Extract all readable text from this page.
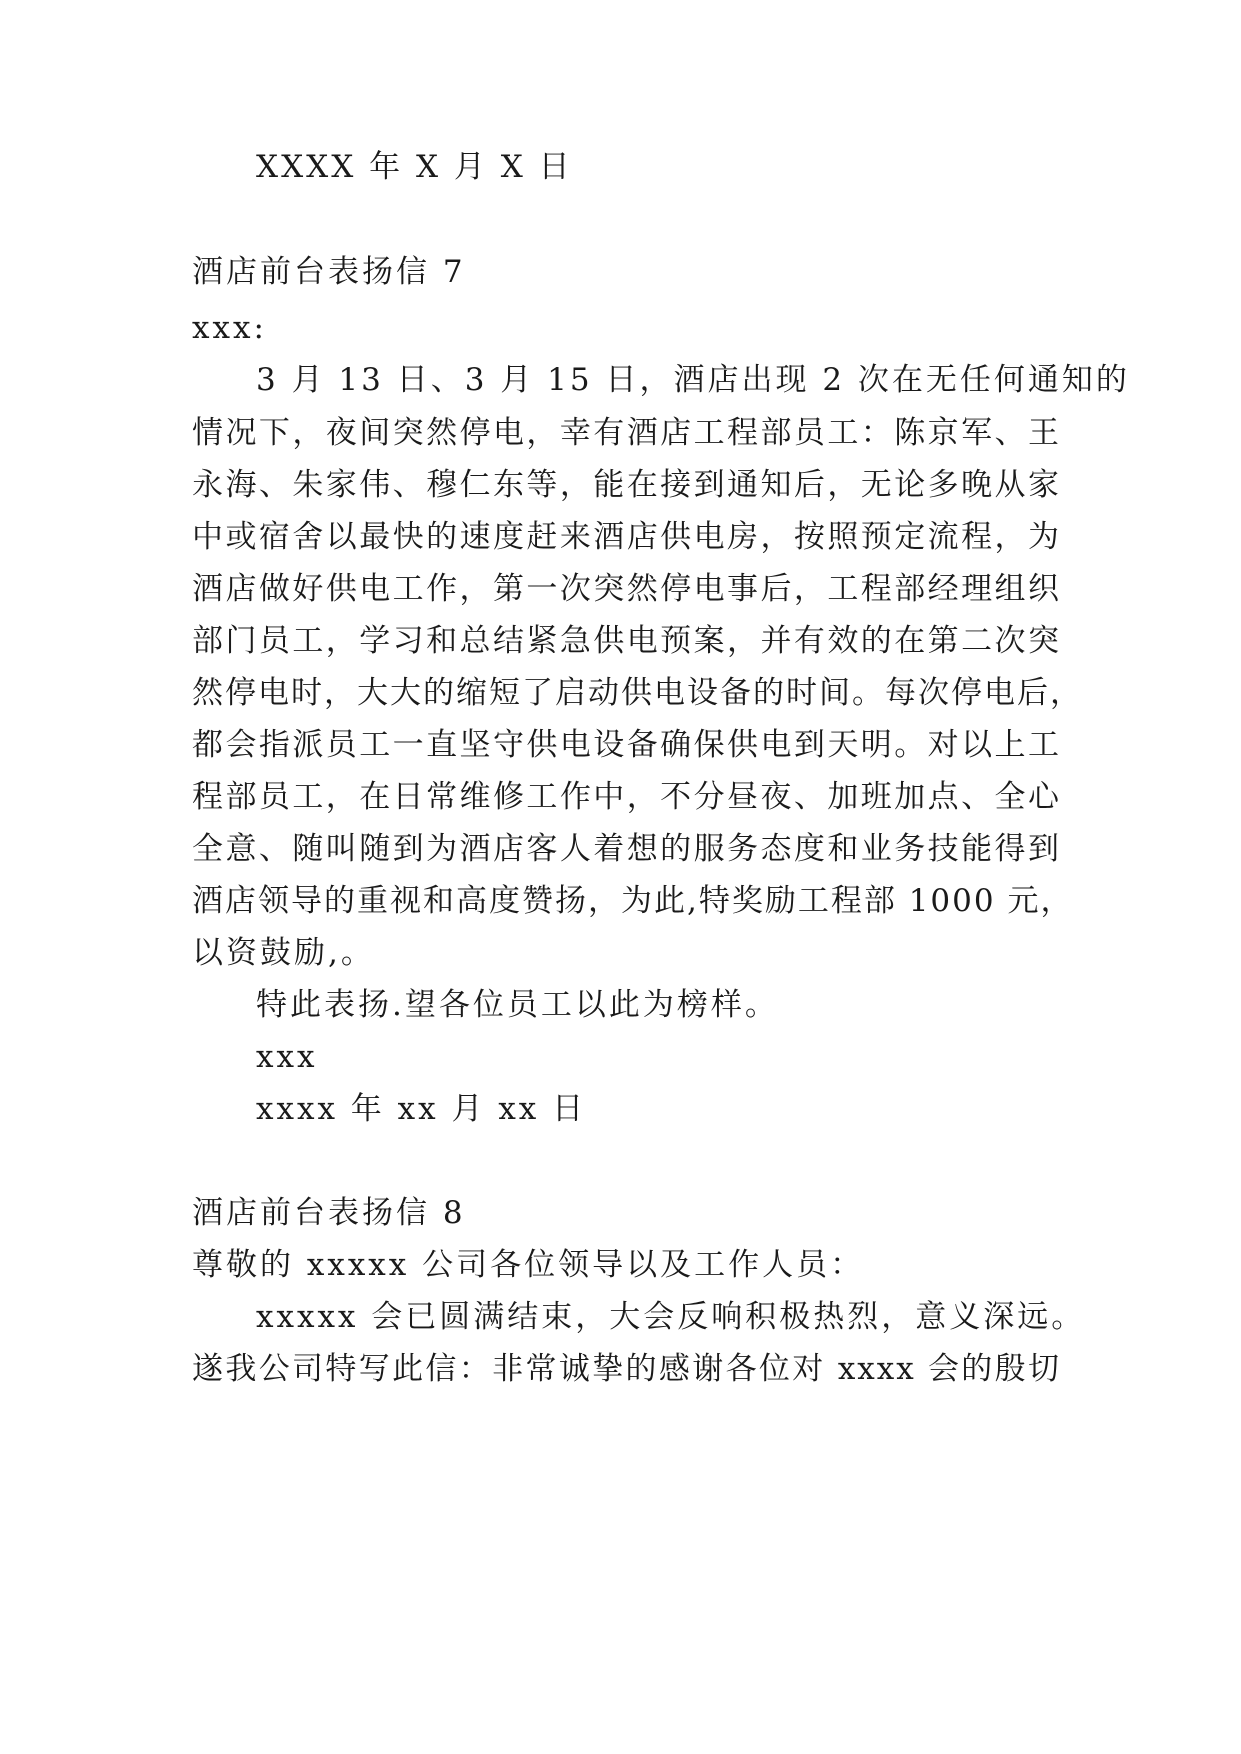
XXXX 年 X 月 X 日

酒店前台表扬信 7

xxx:

3 月 13 日、3 月 15 日，酒店出现 2 次在无任何通知的

情况下，夜间突然停电，幸有酒店工程部员工：陈京军、王

永海、朱家伟、穆仁东等，能在接到通知后，无论多晚从家

中或宿舍以最快的速度赶来酒店供电房，按照预定流程，为

酒店做好供电工作，第一次突然停电事后，工程部经理组织

部门员工，学习和总结紧急供电预案，并有效的在第二次突

然停电时，大大的缩短了启动供电设备的时间。每次停电后，

都会指派员工一直坚守供电设备确保供电到天明。对以上工

程部员工，在日常维修工作中，不分昼夜、加班加点、全心

全意、随叫随到为酒店客人着想的服务态度和业务技能得到

酒店领导的重视和高度赞扬，为此,特奖励工程部 1000 元，

以资鼓励,。

特此表扬.望各位员工以此为榜样。

xxx

xxxx 年 xx 月 xx 日

酒店前台表扬信 8

尊敬的 xxxxx 公司各位领导以及工作人员：

xxxxx 会已圆满结束，大会反响积极热烈，意义深远。

遂我公司特写此信：非常诚挚的感谢各位对 xxxx 会的殷切
